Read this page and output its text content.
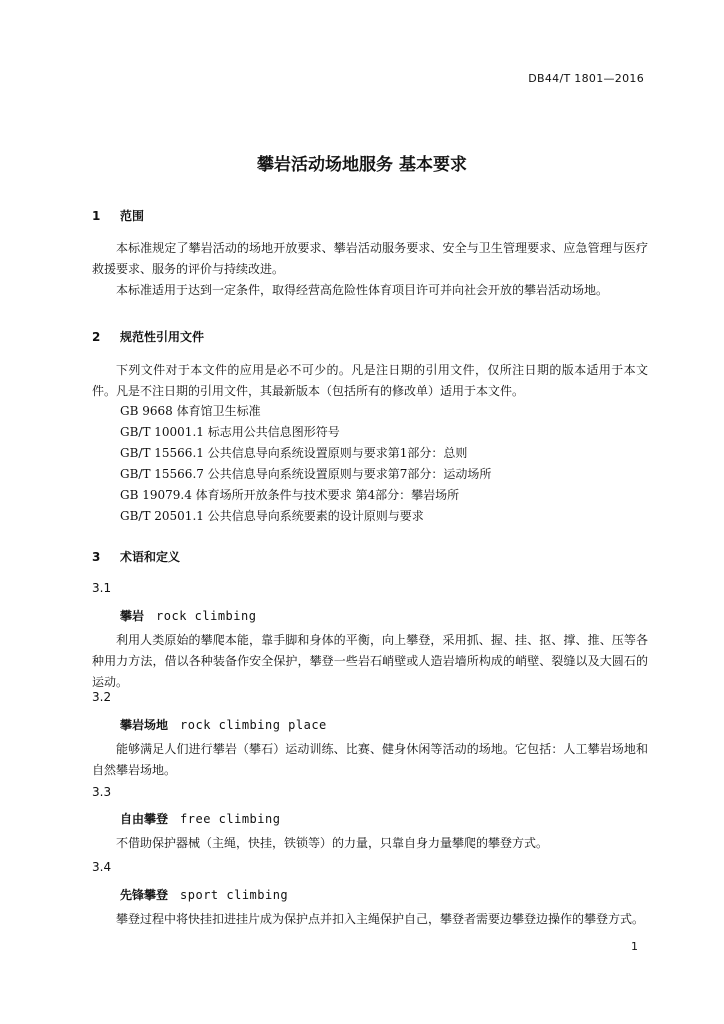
DB44/T 1801—2016
攀岩活动场地服务 基本要求
1 范围

本标准规定了攀岩活动的场地开放要求、攀岩活动服务要求、安全与卫生管理要求、应急管理与医疗救援要求、服务的评价与持续改进。

本标准适用于达到一定条件，取得经营高危险性体育项目许可并向社会开放的攀岩活动场地。

2 规范性引用文件

下列文件对于本文件的应用是必不可少的。凡是注日期的引用文件，仅所注日期的版本适用于本文件。凡是不注日期的引用文件，其最新版本（包括所有的修改单）适用于本文件。

GB 9668 体育馆卫生标准
GB/T 10001.1 标志用公共信息图形符号
GB/T 15566.1 公共信息导向系统设置原则与要求第1部分：总则
GB/T 15566.7 公共信息导向系统设置原则与要求第7部分：运动场所
GB 19079.4 体育场所开放条件与技术要求 第4部分：攀岩场所
GB/T 20501.1 公共信息导向系统要素的设计原则与要求
3 术语和定义
3.1
攀岩 rock climbing

利用人类原始的攀爬本能，靠手脚和身体的平衡，向上攀登，采用抓、握、挂、抠、撑、推、压等各种用力方法，借以各种装备作安全保护，攀登一些岩石峭壁或人造岩墙所构成的峭壁、裂缝以及大圆石的运动。

3.2
攀岩场地 rock climbing place

能够满足人们进行攀岩（攀石）运动训练、比赛、健身休闲等活动的场地。它包括：人工攀岩场地和自然攀岩场地。

3.3
自由攀登 free climbing

不借助保护器械（主绳，快挂，铁锁等）的力量，只靠自身力量攀爬的攀登方式。

3.4
先锋攀登 sport climbing

攀登过程中将快挂扣进挂片成为保护点并扣入主绳保护自己，攀登者需要边攀登边操作的攀登方式。

1
